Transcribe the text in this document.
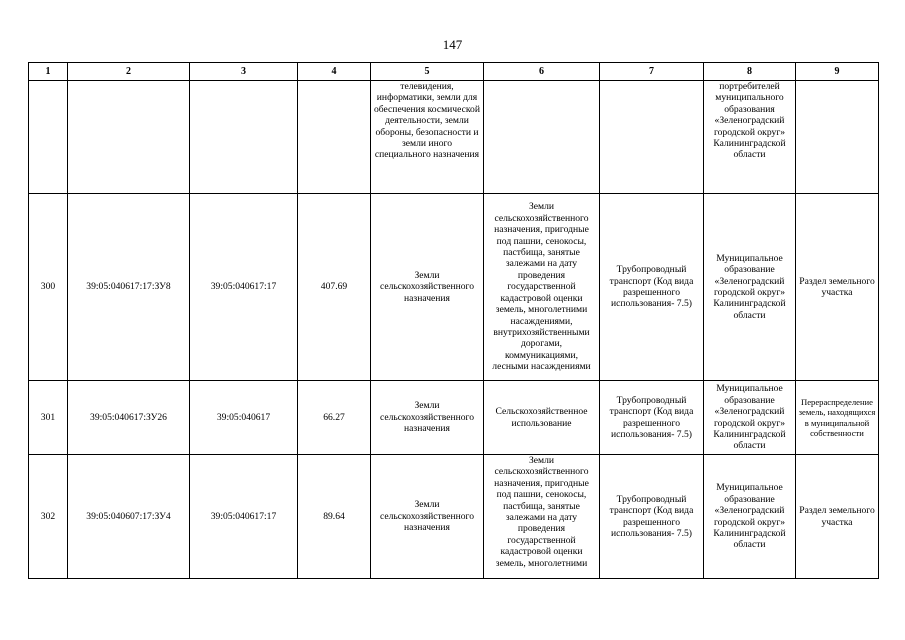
147
1	2	3	4	5	6	7	8	9
				телевидения, информатики, земли для обеспечения космической деятельности, земли обороны, безопасности и земли иного специального назначения			портребителей муниципального образования «Зеленоградский городской округ» Калининградской области	
300	39:05:040617:17:ЗУ8	39:05:040617:17	407.69	Земли сельскохозяйственного назначения	Земли сельскохозяйственного назначения, пригодные под пашни, сенокосы, пастбища, занятые залежами на дату проведения государственной кадастровой оценки земель, многолетними насаждениями, внутрихозяйственными дорогами, коммуникациями, лесными насаждениями	Трубопроводный транспорт (Код вида разрешенного использования- 7.5)	Муниципальное образование «Зеленоградский городской округ» Калининградской области	Раздел земельного участка
301	39:05:040617:ЗУ26	39:05:040617	66.27	Земли сельскохозяйственного назначения	Сельскохозяйственное использование	Трубопроводный транспорт (Код вида разрешенного использования- 7.5)	Муниципальное образование «Зеленоградский городской округ» Калининградской области	Перераспределение земель, находящихся в муниципальной собственности
302	39:05:040607:17:ЗУ4	39:05:040617:17	89.64	Земли сельскохозяйственного назначения	Земли сельскохозяйственного назначения, пригодные под пашни, сенокосы, пастбища, занятые залежами на дату проведения государственной кадастровой оценки земель, многолетними	Трубопроводный транспорт (Код вида разрешенного использования- 7.5)	Муниципальное образование «Зеленоградский городской округ» Калининградской области	Раздел земельного участка
